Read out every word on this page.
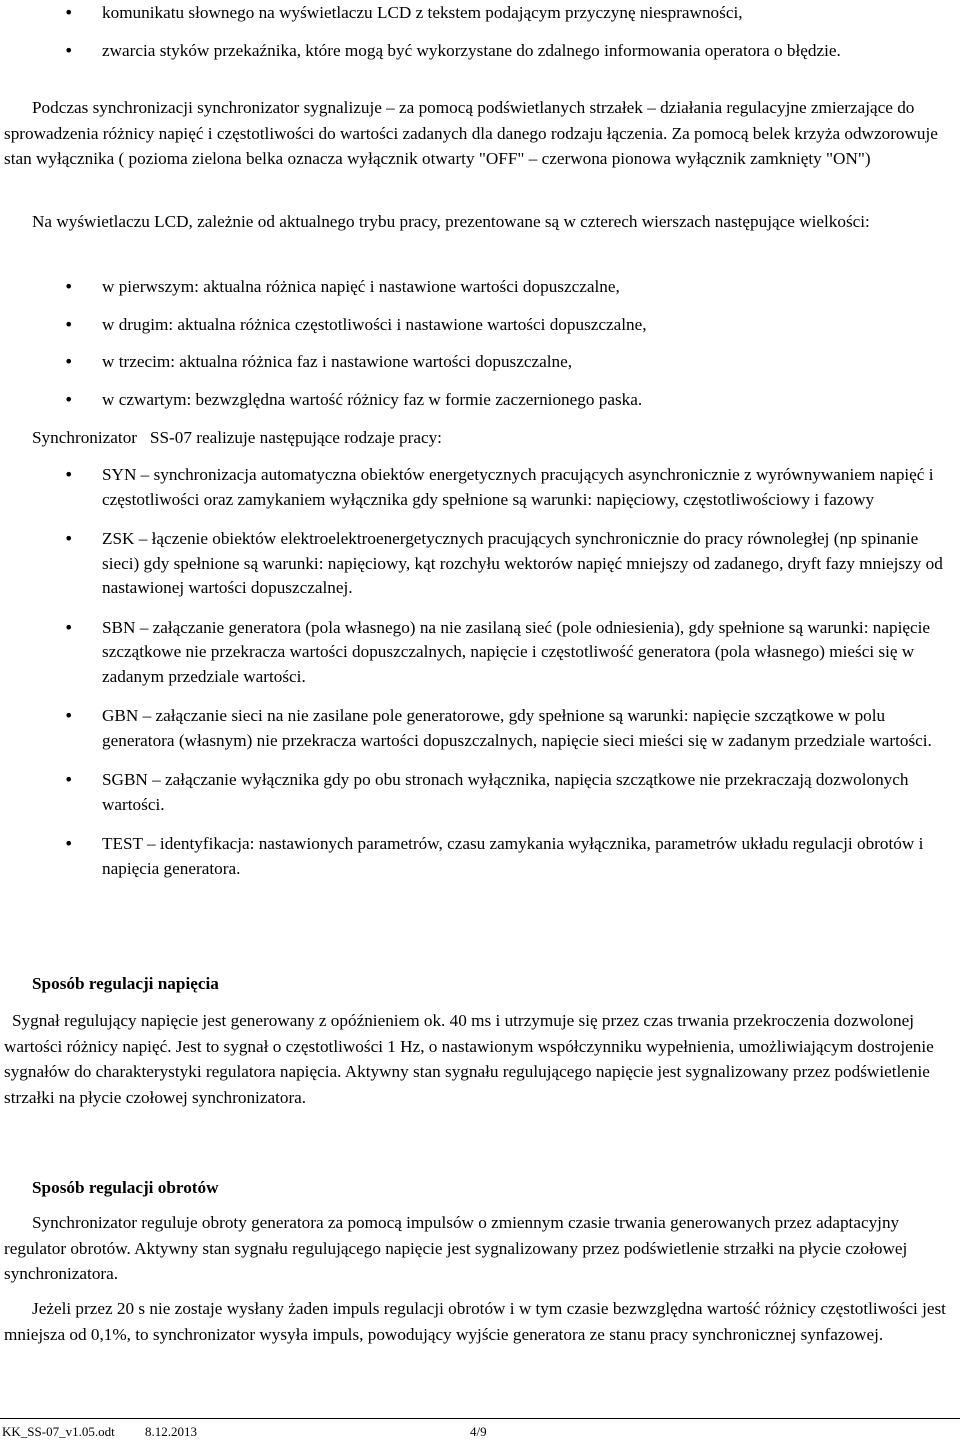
• komunikatu słownego na wyświetlaczu LCD z tekstem podającym przyczynę niesprawności,
• zwarcia styków przekaźnika, które mogą być wykorzystane do zdalnego informowania operatora o błędzie.

Podczas synchronizacji synchronizator sygnalizuje – za pomocą podświetlanych strzałek – działania regulacyjne zmierzające do sprowadzenia różnicy napięć i częstotliwości do wartości zadanych dla danego rodzaju łączenia. Za pomocą belek krzyża odwzorowuje stan wyłącznika ( pozioma zielona belka oznacza wyłącznik otwarty "OFF" – czerwona pionowa wyłącznik zamknięty "ON")

Na wyświetlaczu LCD, zależnie od aktualnego trybu pracy, prezentowane są w czterech wierszach następujące wielkości:

• w pierwszym: aktualna różnica napięć i nastawione wartości dopuszczalne,
• w drugim: aktualna różnica częstotliwości i nastawione wartości dopuszczalne,
• w trzecim: aktualna różnica faz i nastawione wartości dopuszczalne,
• w czwartym: bezwzględna wartość różnicy faz w formie zaczernionego paska.

Synchronizator   SS-07 realizuje następujące rodzaje pracy:

• SYN – synchronizacja automatyczna obiektów energetycznych pracujących asynchronicznie z wyrównywaniem napięć i częstotliwości oraz zamykaniem wyłącznika gdy spełnione są warunki: napięciowy, częstotliwościowy i fazowy
• ZSK – łączenie obiektów elektroelektroenergetycznych pracujących synchronicznie do pracy równoległej (np spinanie sieci) gdy spełnione są warunki: napięciowy, kąt rozchyłu wektorów napięć mniejszy od zadanego, dryft fazy mniejszy od nastawionej wartości dopuszczalnej.
• SBN – załączanie generatora (pola własnego) na nie zasilaną sieć (pole odniesienia), gdy spełnione są warunki: napięcie szczątkowe nie przekracza wartości dopuszczalnych, napięcie i częstotliwość generatora (pola własnego) mieści się w zadanym przedziale wartości.
• GBN – załączanie sieci na nie zasilane pole generatorowe, gdy spełnione są warunki: napięcie szczątkowe w polu generatora (własnym) nie przekracza wartości dopuszczalnych, napięcie sieci mieści się w zadanym przedziale wartości.
• SGBN – załączanie wyłącznika gdy po obu stronach wyłącznika, napięcia szczątkowe nie przekraczają dozwolonych wartości.
• TEST – identyfikacja: nastawionych parametrów, czasu zamykania wyłącznika, parametrów układu regulacji obrotów i napięcia generatora.
Sposób regulacji napięcia

Sygnał regulujący napięcie jest generowany z opóźnieniem ok. 40 ms i utrzymuje się przez czas trwania przekroczenia dozwolonej wartości różnicy napięć. Jest to sygnał o częstotliwości 1 Hz, o nastawionym współczynniku wypełnienia, umożliwiającym dostrojenie sygnałów do charakterystyki regulatora napięcia. Aktywny stan sygnału regulującego napięcie jest sygnalizowany przez podświetlenie strzałki na płycie czołowej synchronizatora.

Sposób regulacji obrotów

Synchronizator reguluje obroty generatora za pomocą impulsów o zmiennym czasie trwania generowanych przez adaptacyjny regulator obrotów. Aktywny stan sygnału regulującego napięcie jest sygnalizowany przez podświetlenie strzałki na płycie czołowej synchronizatora.

Jeżeli przez 20 s nie zostaje wysłany żaden impuls regulacji obrotów i w tym czasie bezwzględna wartość różnicy częstotliwości jest mniejsza od 0,1%, to synchronizator wysyła impuls, powodujący wyjście generatora ze stanu pracy synchronicznej synfazowej.

KK_SS-07_v1.05.odt 8.12.2013	4/9
